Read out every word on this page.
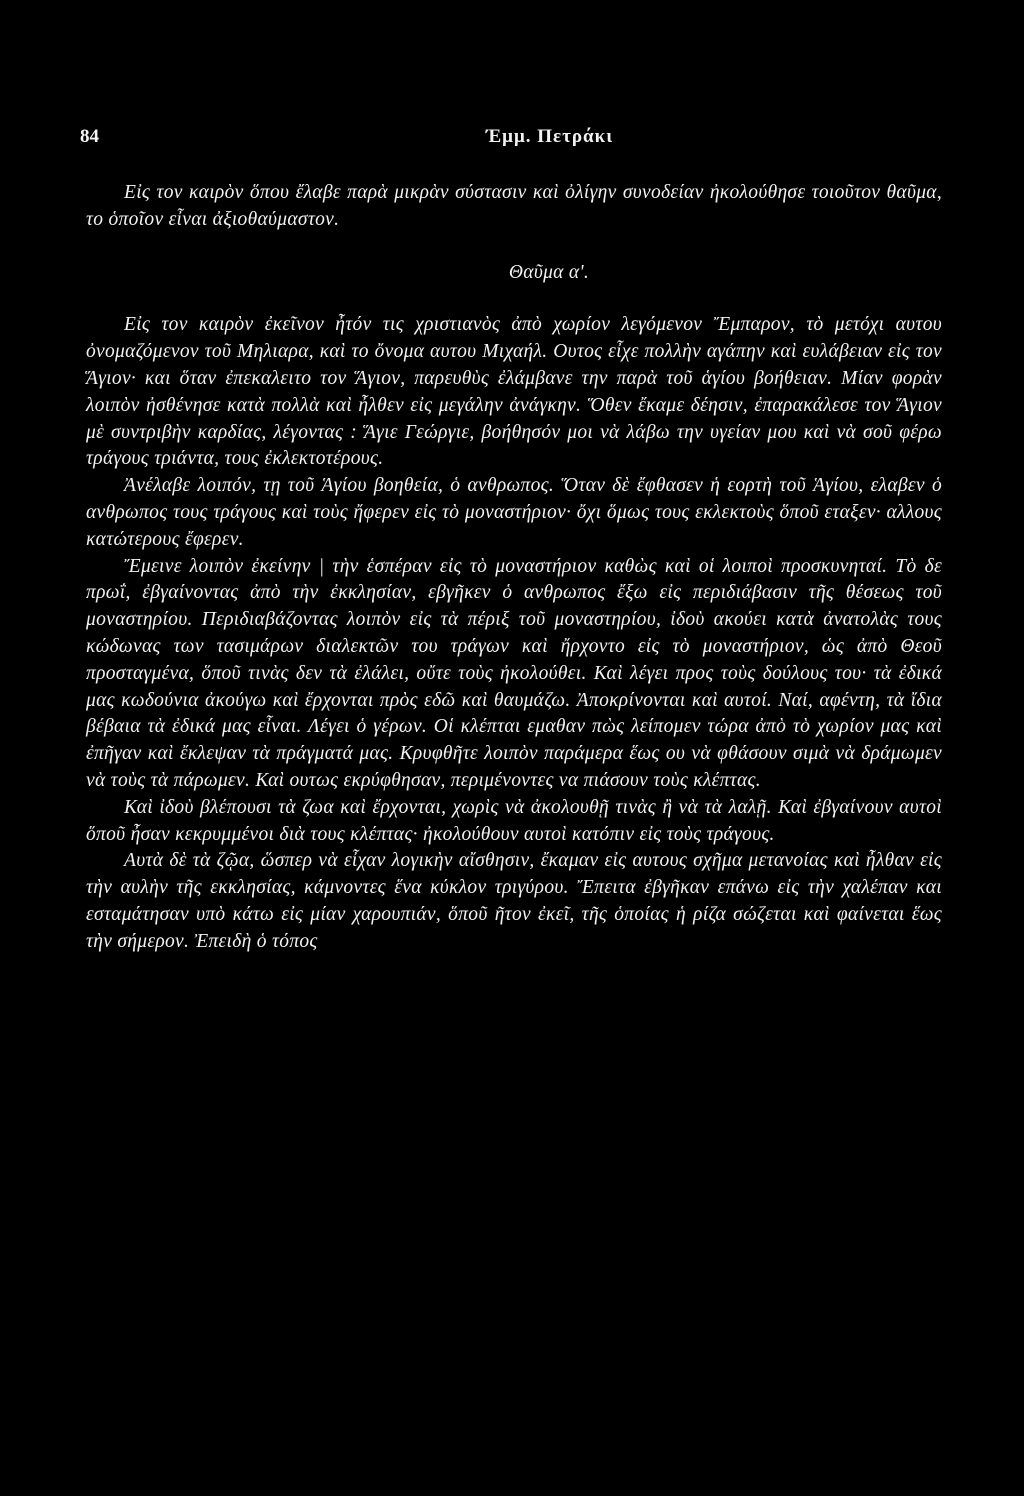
84	Έμμ. Πετράκι

Εἰς τον καιρὸν ὅπου ἔλαβε παρὰ μικρὰν σύστασιν καὶ ὀλίγην συνοδείαν ἠκολούθησε τοιοῦτον θαῦμα, το ὁποῖον εἶναι ἀξιοθαύμαστον.

Θαῦμα α'.

Εἰς τον καιρὸν ἐκεῖνον ἦτόν τις χριστιανὸς ἀπὸ χωρίον λεγόμενον Ἔμπαρον, τὸ μετόχι αυτου ὀνομαζόμενον τοῦ Μηλιαρα, καὶ το ὄνομα αυτου Μιχαήλ. Ουτος εἶχε πολλὴν αγάπην καὶ ευλάβειαν εἰς τον Ἅγιον· και ὅταν ἐπεκαλειτο τον Ἅγιον, παρευθὺς ἐλάμβανε την παρὰ τοῦ ἁγίου βοήθειαν. Μίαν φορὰν λοιπὸν ἠσθένησε κατὰ πολλὰ καὶ ἦλθεν εἰς μεγάλην ἀνάγκην. Ὅθεν ἔκαμε δέησιν, ἐπαρακάλεσε τον Ἅγιον μὲ συντριβὴν καρδίας, λέγοντας : Ἅγιε Γεώργιε, βοήθησόν μοι νὰ λάβω την υγείαν μου καὶ νὰ σοῦ φέρω τράγους τριάντα, τους ἐκλεκτοτέρους.

Ἀνέλαβε λοιπόν, τῃ τοῦ Ἁγίου βοηθεία, ὁ ανθρωπος. Ὅταν δὲ ἔφθασεν ἡ εορτὴ τοῦ Ἁγίου, ελαβεν ὁ ανθρωπος τους τράγους καὶ τοὺς ἤφερεν εἰς τὸ μοναστήριον· ὄχι ὅμως τους εκλεκτοὺς ὅποῦ εταξεν· αλλους κατώτερους ἔφερεν.

Ἔμεινε λοιπὸν ἐκείνην | τὴν ἑσπέραν εἰς τὸ μοναστήριον καθὼς καὶ οἱ λοιποὶ προσκυνηταί. Τὸ δε πρωΐ, ἐβγαίνοντας ἀπὸ τὴν ἐκκλησίαν, εβγῆκεν ὁ ανθρωπος ἔξω εἰς περιδιάβασιν τῆς θέσεως τοῦ μοναστηρίου. Περιδιαβάζοντας λοιπὸν εἰς τὰ πέριξ τοῦ μοναστηρίου, ἰδοὺ ακούει κατὰ ἀνατολὰς τους κώδωνας των τασιμάρων διαλεκτῶν του τράγων καὶ ἤρχοντο εἰς τὸ μοναστήριον, ὡς ἀπὸ Θεοῦ προσταγμένα, ὅποῦ τινὰς δεν τὰ ἐλάλει, οὔτε τοὺς ἠκολούθει. Καὶ λέγει προς τοὺς δούλους του· τὰ ἐδικά μας κωδούνια ἀκούγω καὶ ἔρχονται πρὸς εδῶ καὶ θαυμάζω. Ἀποκρίνονται καὶ αυτοί. Ναί, αφέντη, τὰ ἴδια βέβαια τὰ ἐδικά μας εἶναι. Λέγει ὁ γέρων. Οἱ κλέπται εμαθαν πὼς λείπομεν τώρα ἀπὸ τὸ χωρίον μας καὶ ἐπῆγαν καὶ ἔκλεψαν τὰ πράγματά μας. Κρυφθῆτε λοιπὸν παράμερα ἕως ου νὰ φθάσουν σιμὰ νὰ δράμωμεν νὰ τοὺς τὰ πάρωμεν. Καὶ ουτως εκρύφθησαν, περιμένοντες να πιάσουν τοὺς κλέπτας.

Καὶ ἰδοὺ βλέπουσι τὰ ζωα καὶ ἔρχονται, χωρὶς νὰ ἀκολουθῇ τινὰς ἢ νὰ τὰ λαλῇ. Καὶ ἐβγαίνουν αυτοὶ ὅποῦ ἦσαν κεκρυμμένοι διὰ τους κλέπτας· ἠκολούθουν αυτοὶ κατόπιν εἰς τοὺς τράγους.

Αυτὰ δὲ τὰ ζῷα, ὥσπερ νὰ εἶχαν λογικὴν αἴσθησιν, ἔκαμαν εἰς αυτους σχῆμα μετανοίας καὶ ἦλθαν εἰς τὴν αυλὴν τῆς εκκλησίας, κάμνοντες ἕνα κύκλον τριγύρου. Ἔπειτα ἐβγῆκαν επάνω εἰς τὴν χαλέπαν και εσταμάτησαν υπὸ κάτω εἰς μίαν χαρουπιάν, ὅποῦ ῆτον ἐκεῖ, τῆς ὁποίας ἡ ρίζα σώζεται καὶ φαίνεται ἕως τὴν σήμερον. Ἐπειδὴ ὁ τόπος
